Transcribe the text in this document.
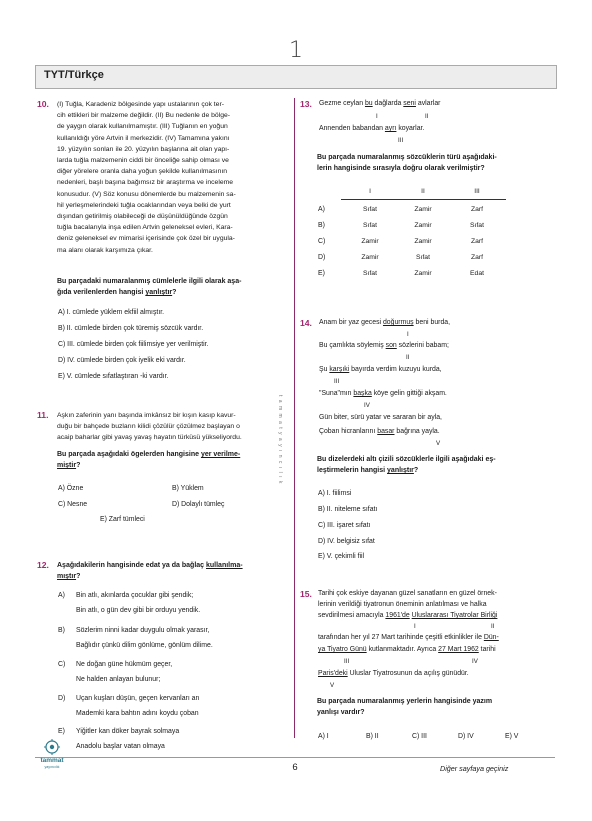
1
TYT/Türkçe
t a m m a t y a y ı n c ı l ı k
10. (I) Tuğla, Karadeniz bölgesinde yapı ustalarının çok ter-
cih ettikleri bir malzeme değildir. (II) Bu nedenle de bölge-
de yaygın olarak kullanılmamıştır. (III) Tuğlanın en yoğun
kullanıldığı yöre Artvin il merkezidir. (IV) Tamamına yakını
19. yüzyılın sonları ile 20. yüzyılın başlarına ait olan yapı-
larda tuğla malzemenin ciddi bir önceliğe sahip olması ve
diğer yörelere oranla daha yoğun şekilde kullanılmasının
nedenleri, başlı başına bağımsız bir araştırma ve inceleme
konusudur. (V) Söz konusu dönemlerde bu malzemenin sa-
hil yerleşmelerindeki tuğla ocaklarından veya belki de yurt
dışından getirilmiş olabileceği de düşünüldüğünde özgün
tuğla bacalarıyla inşa edilen Artvin geleneksel evleri, Kara-
deniz geleneksel ev mimarisi içerisinde çok özel bir uygula-
ma alanı olarak karşımıza çıkar.
Bu parçadaki numaralanmış cümlelerle ilgili olarak aşa-
ğıda verilenlerden hangisi yanlıştır?
A) I. cümlede yüklem ekfiil almıştır.
B) II. cümlede birden çok türemiş sözcük vardır.
C) III. cümlede birden çok fiilimsiye yer verilmiştir.
D) IV. cümlede birden çok iyelik eki vardır.
E) V. cümlede sıfatlaştıran -ki vardır.
11. Aşkın zaferinin yanı başında imkânsız bir kışın kasıp kavur-
duğu bir bahçede buzların kilidi çözülür çözülmez başlayan o
acaip baharlar gibi yavaş yavaş hayatın türküsü yükseliyordu.
Bu parçada aşağıdaki ögelerden hangisine yer verilme-
miştir?
A) Özne	B) Yüklem
C) Nesne	D) Dolaylı tümleç
E) Zarf tümleci
12. Aşağıdakilerin hangisinde edat ya da bağlaç kullanılma-
mıştır?
A) Bin atlı, akınlarda çocuklar gibi şendik;
Bin atlı, o gün dev gibi bir orduyu yendik.
B) Sözlerim ninni kadar duygulu olmak yarasır,
Bağlıdır çünkü dilim gönlüme, gönlüm dilime.
C) Ne doğan güne hükmüm geçer,
Ne halden anlayan bulunur;
D) Uçan kuşları düşün, geçen kervanları an
Mademki kara bahtın adını koydu çoban
E) Yiğitler kan döker bayrak solmaya
Anadolu başlar vatan olmaya
13. Gezme ceylan bu dağlarda seni avlarlar
I	II
Annenden babandan ayrı koyarlar.
III
Bu parçada numaralanmış sözcüklerin türü aşağıdaki-
lerin hangisinde sırasıyla doğru olarak verilmiştir?
I	II	III
A)	Sıfat	Zamir	Zarf
B)	Sıfat	Zamir	Sıfat
C)	Zamir	Zamir	Zarf
D)	Zamir	Sıfat	Zarf
E)	Sıfat	Zamir	Edat
14. Anam bir yaz gecesi doğurmuş beni burda,
I
Bu çamlıkta söylemiş son sözlerini babam;
II
Şu karşıki bayırda verdim kuzuyu kurda,
III
"Suna"mın başka köye gelin gittiği akşam.
IV
Gün biter, sürü yatar ve sararan bir ayla,
Çoban hicranlarını basar bağrına yayla.
V
Bu dizelerdeki altı çizili sözcüklerle ilgili aşağıdaki eş-
leştirmelerin hangisi yanlıştır?
A) I. fiilimsi
B) II. niteleme sıfatı
C) III. işaret sıfatı
D) IV. belgisiz sıfat
E) V. çekimli fiil
15. Tarihi çok eskiye dayanan güzel sanatların en güzel örnek-
lerinin verildiği tiyatronun öneminin anlatılması ve halka
sevdirilmesi amacıyla 1961'de Uluslararası Tiyatrolar Birliği
I	II
tarafından her yıl 27 Mart tarihinde çeşitli etkinlikler ile Dün-
ya Tiyatro Günü kutlanmaktadır. Ayrıca 27 Mart 1962 tarihi
III	IV
Paris'deki Uluslar Tiyatrosunun da açılış günüdür.
V
Bu parçada numaralanmış yerlerin hangisinde yazım
yanlışı vardır?
A) I	B) II	C) III	D) IV	E) V
tammat
yayıncılık	6	Diğer sayfaya geçiniz
